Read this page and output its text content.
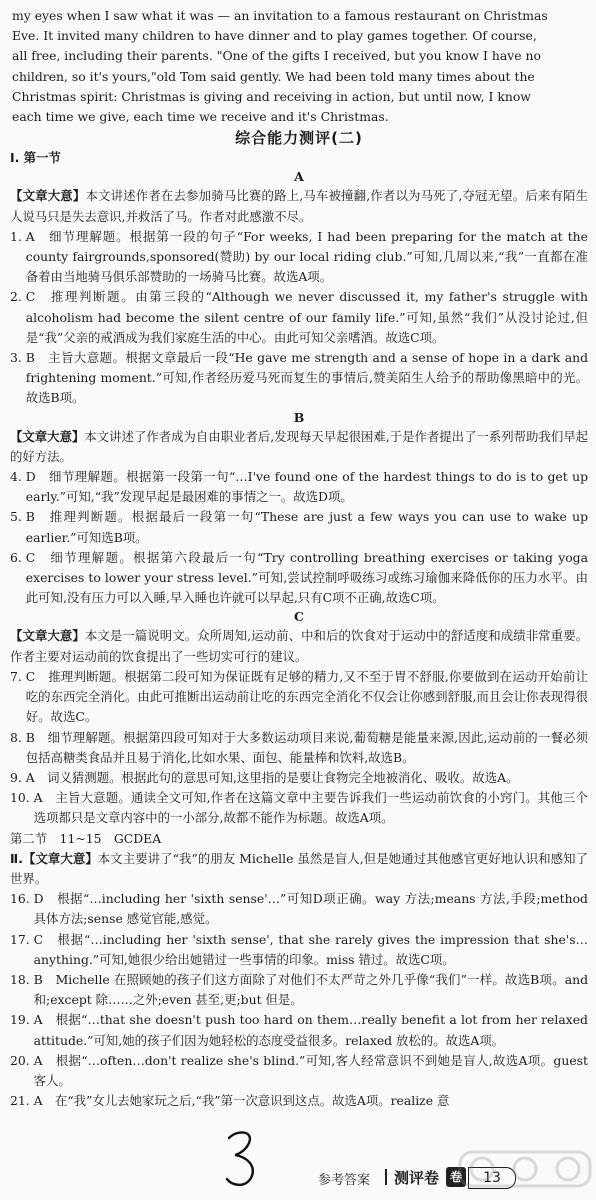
my eyes when I saw what it was — an invitation to a famous restaurant on Christmas

Eve. It invited many children to have dinner and to play games together. Of course,

all free, including their parents. "One of the gifts I received, but you know I have no

children, so it's yours,"old Tom said gently. We had been told many times about the

Christmas spirit: Christmas is giving and receiving in action, but until now, I know

each time we give, each time we receive and it's Christmas.

综合能力测评(二)

Ⅰ. 第一节

A

【文章大意】本文讲述作者在去参加骑马比赛的路上,马车被撞翻,作者以为马死了,夺冠无望。后来有陌生人说马只是失去意识,并救活了马。作者对此感激不尽。

1.
A　细节理解题。根据第一段的句子“For weeks, I had been preparing for the match at the county fairgrounds,sponsored(赞助) by our local riding club.”可知,几周以来,“我”一直都在准备着由当地骑马俱乐部赞助的一场骑马比赛。故选A项。
2.
C　推理判断题。由第三段的“Although we never discussed it, my father's struggle with alcoholism had become the silent centre of our family life.”可知,虽然“我们”从没讨论过,但是“我”父亲的戒酒成为我们家庭生活的中心。由此可知父亲嗜酒。故选C项。
3.
B　主旨大意题。根据文章最后一段“He gave me strength and a sense of hope in a dark and frightening moment.”可知,作者经历爱马死而复生的事情后,赞美陌生人给予的帮助像黑暗中的光。故选B项。

B

【文章大意】本文讲述了作者成为自由职业者后,发现每天早起很困难,于是作者提出了一系列帮助我们早起的好方法。

4.
D　细节理解题。根据第一段第一句“…I've found one of the hardest things to do is to get up early.”可知,“我”发现早起是最困难的事情之一。故选D项。
5.
B　推理判断题。根据最后一段第一句“These are just a few ways you can use to wake up earlier.”可知选B项。
6.
C　细节理解题。根据第六段最后一句“Try controlling breathing exercises or taking yoga exercises to lower your stress level.”可知,尝试控制呼吸练习或练习瑜伽来降低你的压力水平。由此可知,没有压力可以入睡,早入睡也许就可以早起,只有C项不正确,故选C项。

C

【文章大意】本文是一篇说明文。众所周知,运动前、中和后的饮食对于运动中的舒适度和成绩非常重要。作者主要对运动前的饮食提出了一些切实可行的建议。

7.
C　推理判断题。根据第二段可知为保证既有足够的精力,又不至于胃不舒服,你要做到在运动开始前让吃的东西完全消化。由此可推断出运动前让吃的东西完全消化不仅会让你感到舒服,而且会让你表现得很好。故选C。
8.
B　细节理解题。根据第四段可知对于大多数运动项目来说,葡萄糖是能量来源,因此,运动前的一餐必须包括高糖类食品并且易于消化,比如水果、面包、能量棒和饮料,故选B。
9.
A　词义猜测题。根据此句的意思可知,这里指的是要让食物完全地被消化、吸收。故选A。
10.
A　主旨大意题。通读全文可知,作者在这篇文章中主要告诉我们一些运动前饮食的小窍门。其他三个选项都只是文章内容中的一小部分,故都不能作为标题。故选A项。

第二节　11~15　GCDEA

Ⅱ.【文章大意】本文主要讲了“我”的朋友 Michelle 虽然是盲人,但是她通过其他感官更好地认识和感知了世界。

16.
D　根据“…including her 'sixth sense'…”可知D项正确。way 方法;means 方法,手段;method 具体方法;sense 感觉官能,感觉。
17.
C　根据“…including her 'sixth sense', that she rarely gives the impression that she's…anything.”可知,她很少给出她错过一些事情的印象。miss 错过。故选C项。
18.
B　Michelle 在照顾她的孩子们这方面除了对他们不太严苛之外几乎像“我们”一样。故选B项。and 和;except 除……之外;even 甚至,更;but 但是。
19.
A　根据“…that she doesn't push too hard on them…really benefit a lot from her relaxed attitude.”可知,她的孩子们因为她轻松的态度受益很多。relaxed 放松的。故选A项。
20.
A　根据“…often…don't realize she's blind.”可知,客人经常意识不到她是盲人,故选A项。guest 客人。
21.
A　在“我”女儿去她家玩之后,“我”第一次意识到这点。故选A项。realize 意
参考答案 测评卷 卷	13
